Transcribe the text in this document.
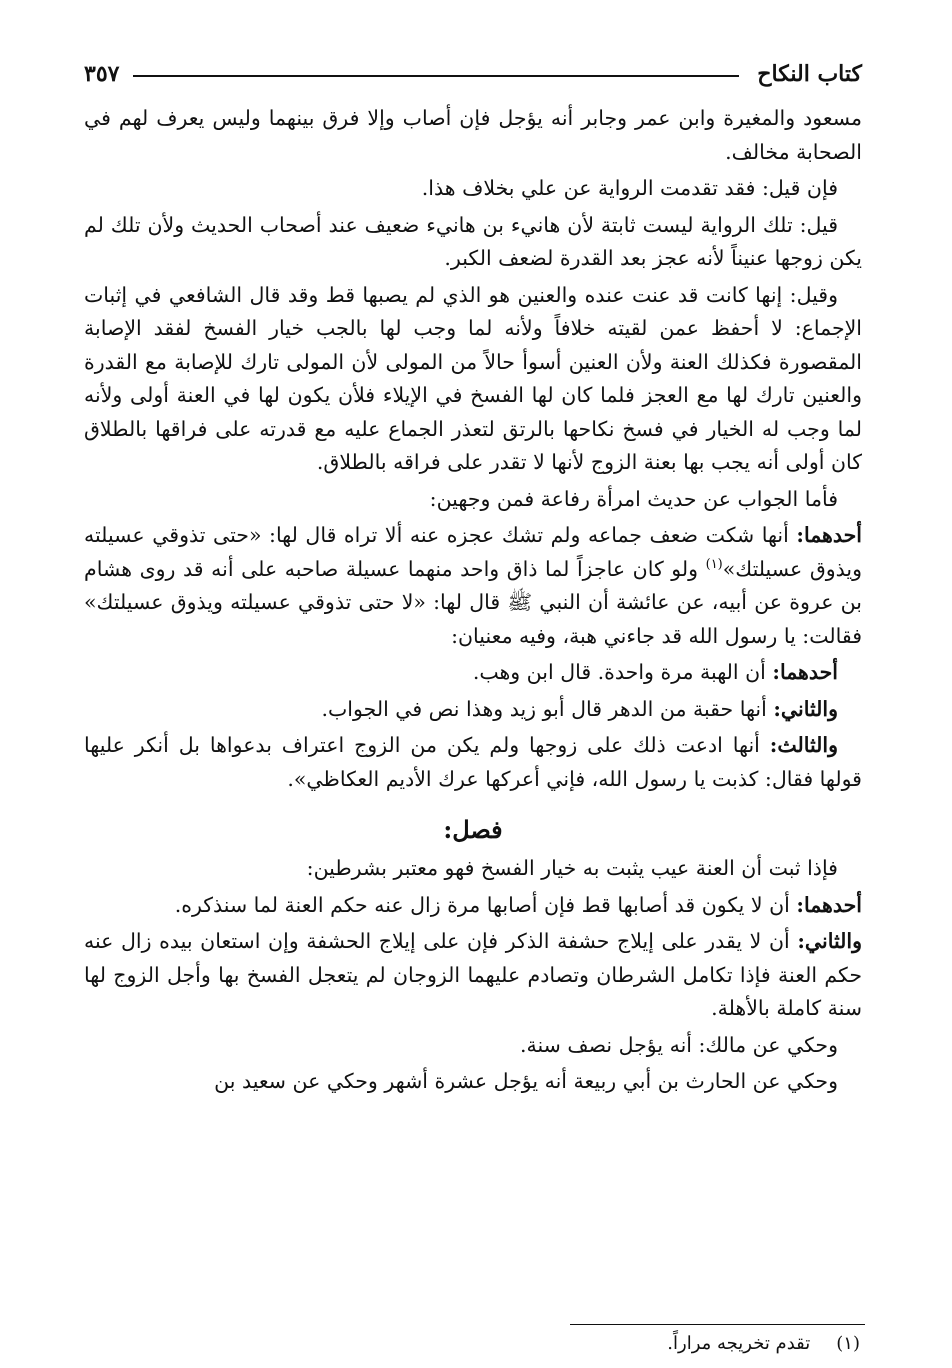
كتاب النكاح
٣٥٧

مسعود والمغيرة وابن عمر وجابر أنه يؤجل فإن أصاب وإلا فرق بينهما وليس يعرف لهم في الصحابة مخالف.

فإن قيل: فقد تقدمت الرواية عن علي بخلاف هذا.

قيل: تلك الرواية ليست ثابتة لأن هانيء بن هانيء ضعيف عند أصحاب الحديث ولأن تلك لم يكن زوجها عنيناً لأنه عجز بعد القدرة لضعف الكبر.

وقيل: إنها كانت قد عنت عنده والعنين هو الذي لم يصبها قط وقد قال الشافعي في إثبات الإجماع: لا أحفظ عمن لقيته خلافاً ولأنه لما وجب لها بالجب خيار الفسخ لفقد الإصابة المقصورة فكذلك العنة ولأن العنين أسوأ حالاً من المولى لأن المولى تارك للإصابة مع القدرة والعنين تارك لها مع العجز فلما كان لها الفسخ في الإيلاء فلأن يكون لها في العنة أولى ولأنه لما وجب له الخيار في فسخ نكاحها بالرتق لتعذر الجماع عليه مع قدرته على فراقها بالطلاق كان أولى أنه يجب بها بعنة الزوج لأنها لا تقدر على فراقه بالطلاق.

فأما الجواب عن حديث امرأة رفاعة فمن وجهين:

أحدهما: أنها شكت ضعف جماعه ولم تشك عجزه عنه ألا تراه قال لها: «حتى تذوقي عسيلته ويذوق عسيلتك»$^{(١)}$ ولو كان عاجزاً لما ذاق واحد منهما عسيلة صاحبه على أنه قد روى هشام بن عروة عن أبيه، عن عائشة أن النبي ﷺ قال لها: «لا حتى تذوقي عسيلته ويذوق عسيلتك» فقالت: يا رسول الله قد جاءني هبة، وفيه معنيان:

أحدهما: أن الهبة مرة واحدة. قال ابن وهب.

والثاني: أنها حقبة من الدهر قال أبو زيد وهذا نص في الجواب.

والثالث: أنها ادعت ذلك على زوجها ولم يكن من الزوج اعتراف بدعواها بل أنكر عليها قولها فقال: كذبت يا رسول الله، فإني أعركها عرك الأديم العكاظي».

فصل:

فإذا ثبت أن العنة عيب يثبت به خيار الفسخ فهو معتبر بشرطين:

أحدهما: أن لا يكون قد أصابها قط فإن أصابها مرة زال عنه حكم العنة لما سنذكره.

والثاني: أن لا يقدر على إيلاج حشفة الذكر فإن على إيلاج الحشفة وإن استعان بيده زال عنه حكم العنة فإذا تكامل الشرطان وتصادم عليهما الزوجان لم يتعجل الفسخ بها وأجل الزوج لها سنة كاملة بالأهلة.

وحكي عن مالك: أنه يؤجل نصف سنة.

وحكي عن الحارث بن أبي ربيعة أنه يؤجل عشرة أشهر وحكي عن سعيد بن

(١)تقدم تخريجه مراراً.
